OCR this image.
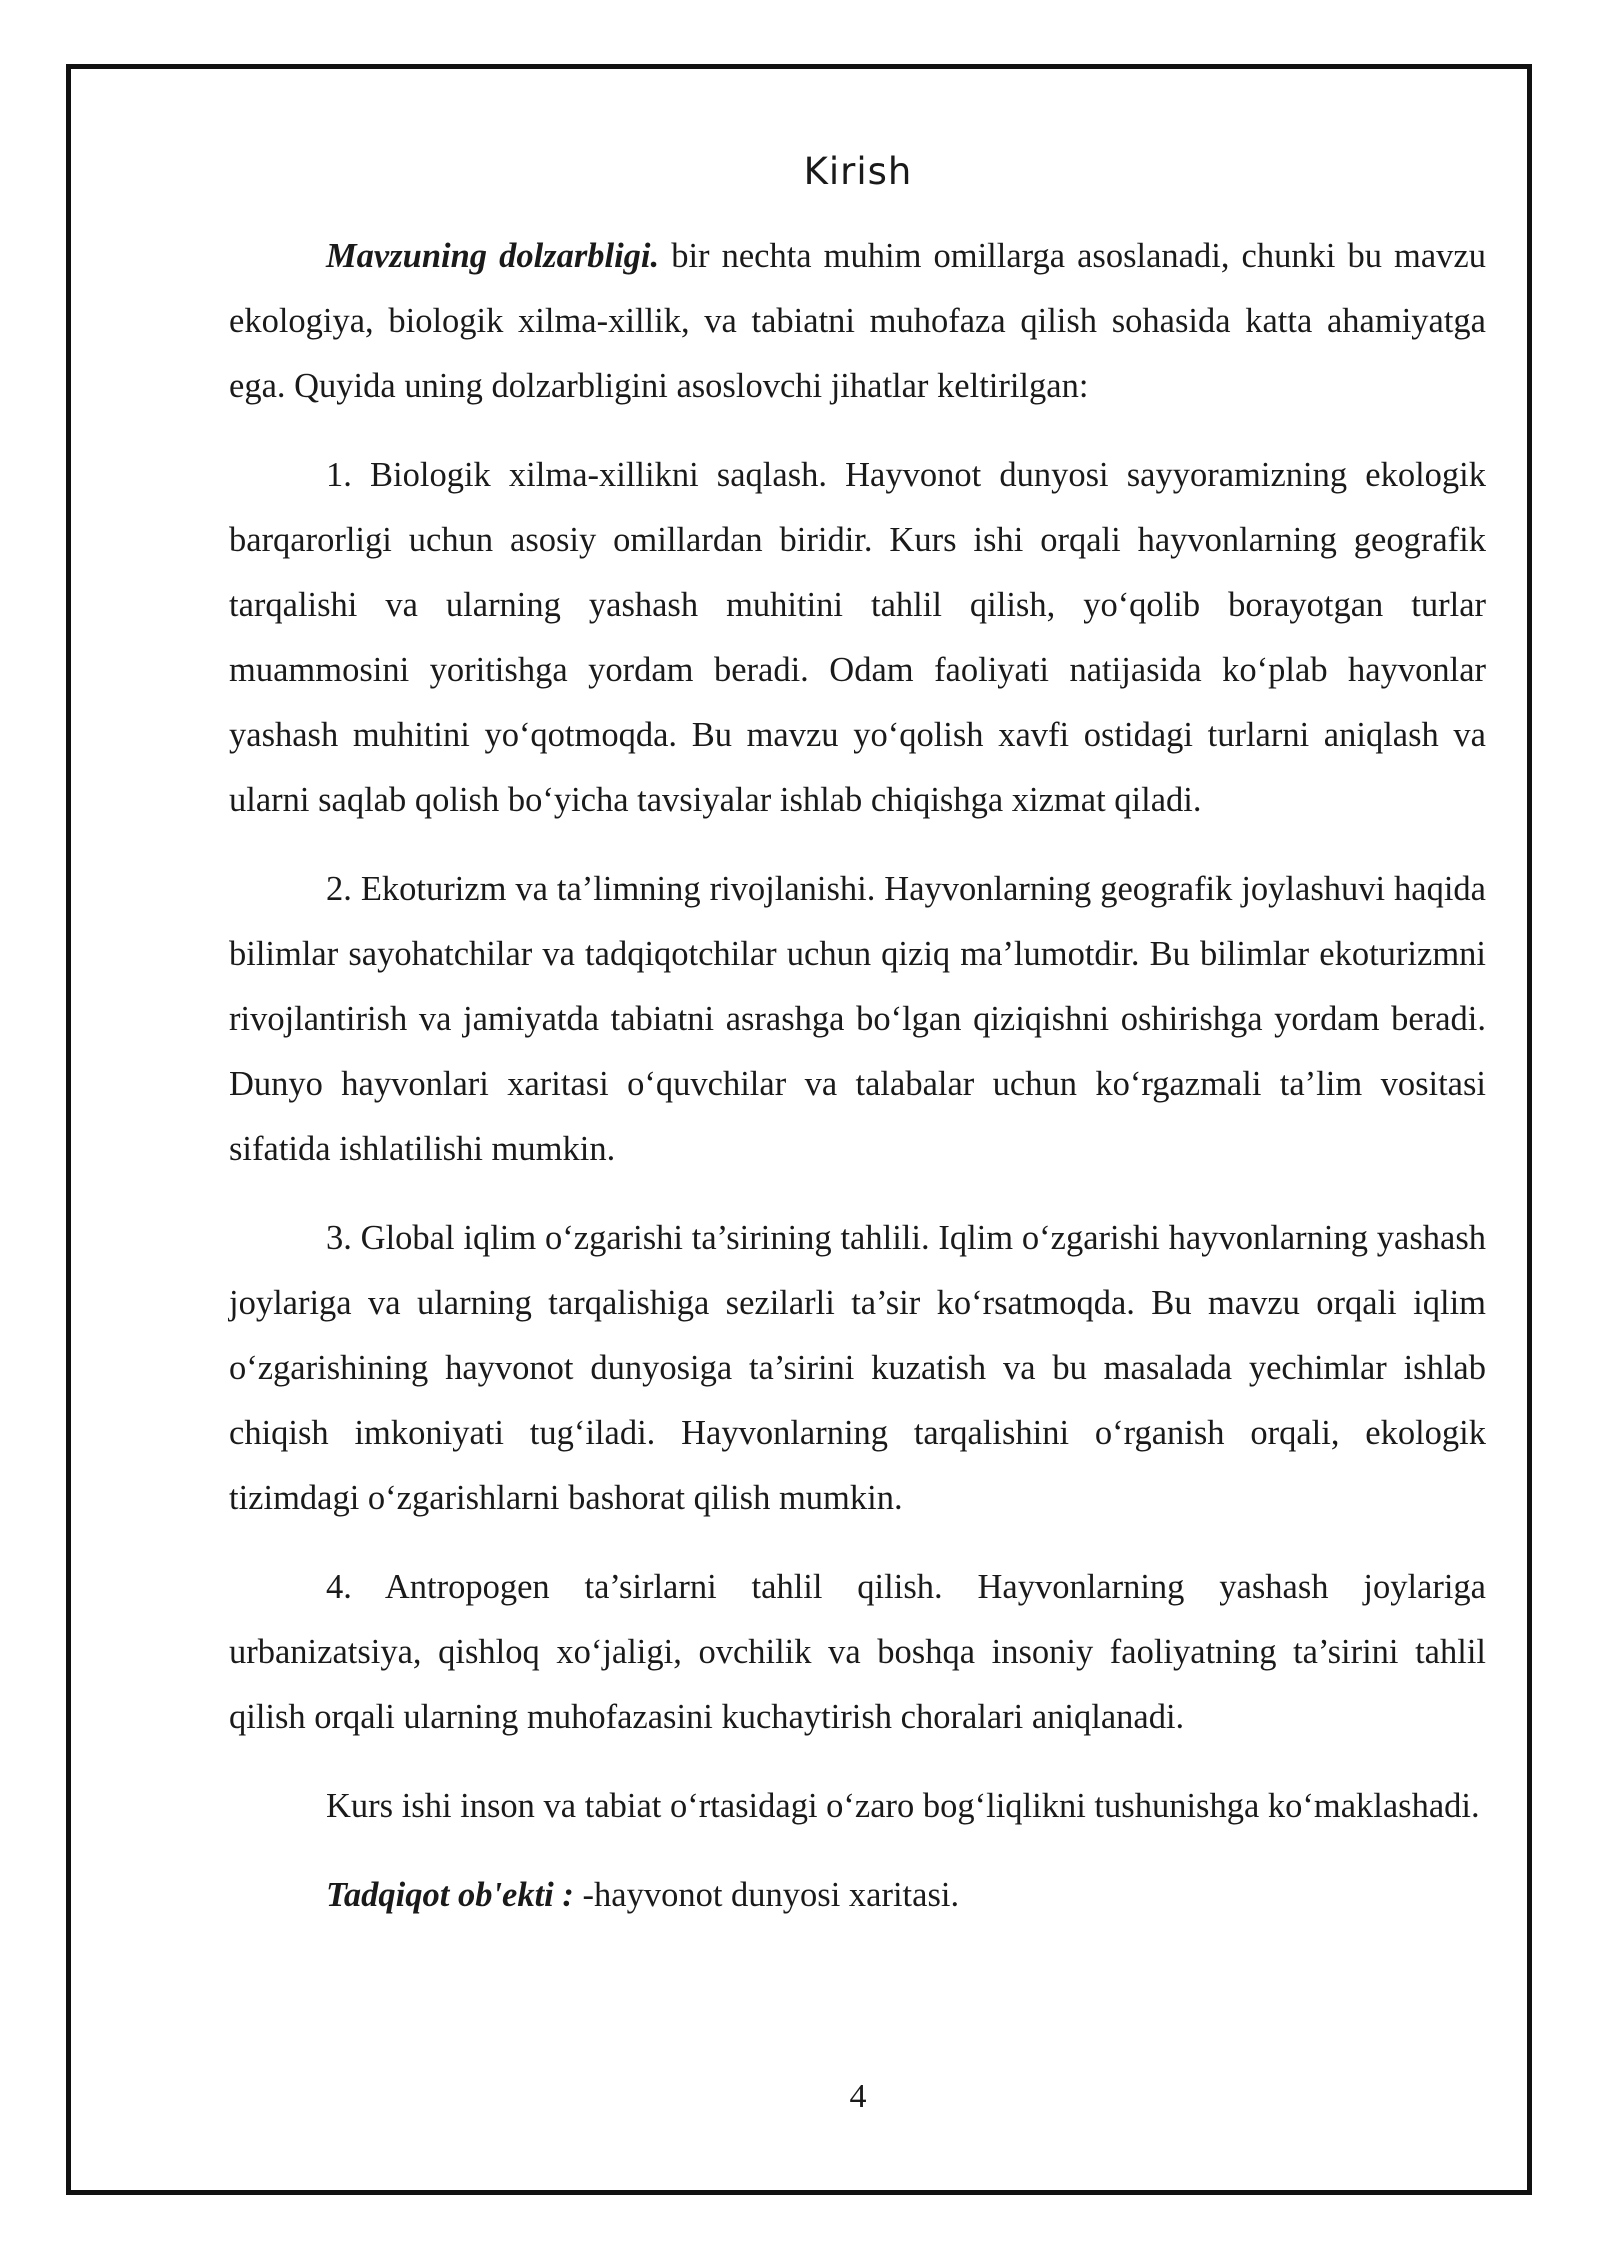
Kirish

Mavzuning dolzarbligi. bir nechta muhim omillarga asoslanadi, chunki bu mavzu ekologiya, biologik xilma-xillik, va tabiatni muhofaza qilish sohasida katta ahamiyatga ega. Quyida uning dolzarbligini asoslovchi jihatlar keltirilgan:

1. Biologik xilma-xillikni saqlash. Hayvonot dunyosi sayyoramizning ekologik barqarorligi uchun asosiy omillardan biridir. Kurs ishi orqali hayvonlarning geografik tarqalishi va ularning yashash muhitini tahlil qilish, yo‘qolib borayotgan turlar muammosini yoritishga yordam beradi. Odam faoliyati natijasida ko‘plab hayvonlar yashash muhitini yo‘qotmoqda. Bu mavzu yo‘qolish xavfi ostidagi turlarni aniqlash va ularni saqlab qolish bo‘yicha tavsiyalar ishlab chiqishga xizmat qiladi.

2. Ekoturizm va ta’limning rivojlanishi. Hayvonlarning geografik joylashuvi haqida bilimlar sayohatchilar va tadqiqotchilar uchun qiziq ma’lumotdir. Bu bilimlar ekoturizmni rivojlantirish va jamiyatda tabiatni asrashga bo‘lgan qiziqishni oshirishga yordam beradi. Dunyo hayvonlari xaritasi o‘quvchilar va talabalar uchun ko‘rgazmali ta’lim vositasi sifatida ishlatilishi mumkin.

3. Global iqlim o‘zgarishi ta’sirining tahlili. Iqlim o‘zgarishi hayvonlarning yashash joylariga va ularning tarqalishiga sezilarli ta’sir ko‘rsatmoqda. Bu mavzu orqali iqlim o‘zgarishining hayvonot dunyosiga ta’sirini kuzatish va bu masalada yechimlar ishlab chiqish imkoniyati tug‘iladi. Hayvonlarning tarqalishini o‘rganish orqali, ekologik tizimdagi o‘zgarishlarni bashorat qilish mumkin.

4. Antropogen ta’sirlarni tahlil qilish. Hayvonlarning yashash joylariga urbanizatsiya, qishloq xo‘jaligi, ovchilik va boshqa insoniy faoliyatning ta’sirini tahlil qilish orqali ularning muhofazasini kuchaytirish choralari aniqlanadi.

Kurs ishi inson va tabiat o‘rtasidagi o‘zaro bog‘liqlikni tushunishga ko‘maklashadi.

Tadqiqot ob'ekti : -hayvonot dunyosi xaritasi.

4
